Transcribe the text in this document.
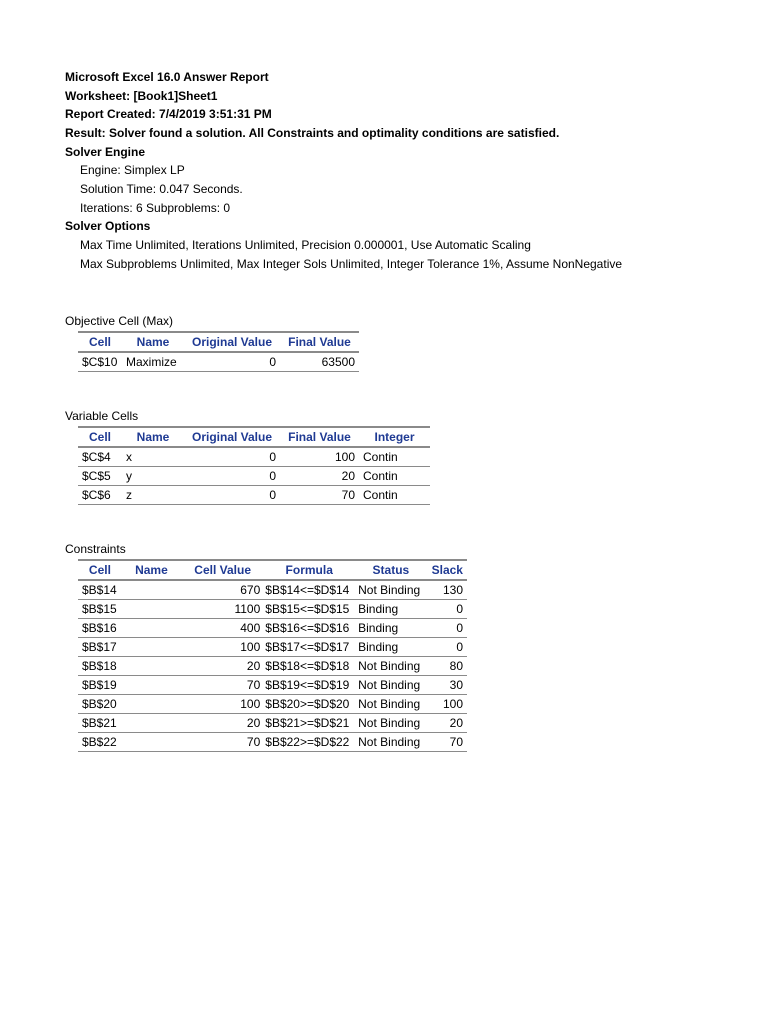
Microsoft Excel 16.0 Answer Report
Worksheet: [Book1]Sheet1
Report Created: 7/4/2019 3:51:31 PM
Result: Solver found a solution. All Constraints and optimality conditions are satisfied.
Solver Engine
Engine: Simplex LP
Solution Time: 0.047 Seconds.
Iterations: 6 Subproblems: 0
Solver Options
Max Time Unlimited, Iterations Unlimited, Precision 0.000001, Use Automatic Scaling
Max Subproblems Unlimited, Max Integer Sols Unlimited, Integer Tolerance 1%, Assume NonNegative
Objective Cell (Max)
Cell	Name	Original Value	Final Value
$C$10	Maximize	0	63500
Variable Cells
Cell	Name	Original Value	Final Value	Integer
$C$4	x	0	100	Contin
$C$5	y	0	20	Contin
$C$6	z	0	70	Contin
Constraints
Cell	Name	Cell Value	Formula	Status	Slack
$B$14		670	$B$14<=$D$14	Not Binding	130
$B$15		1100	$B$15<=$D$15	Binding	0
$B$16		400	$B$16<=$D$16	Binding	0
$B$17		100	$B$17<=$D$17	Binding	0
$B$18		20	$B$18<=$D$18	Not Binding	80
$B$19		70	$B$19<=$D$19	Not Binding	30
$B$20		100	$B$20>=$D$20	Not Binding	100
$B$21		20	$B$21>=$D$21	Not Binding	20
$B$22		70	$B$22>=$D$22	Not Binding	70
